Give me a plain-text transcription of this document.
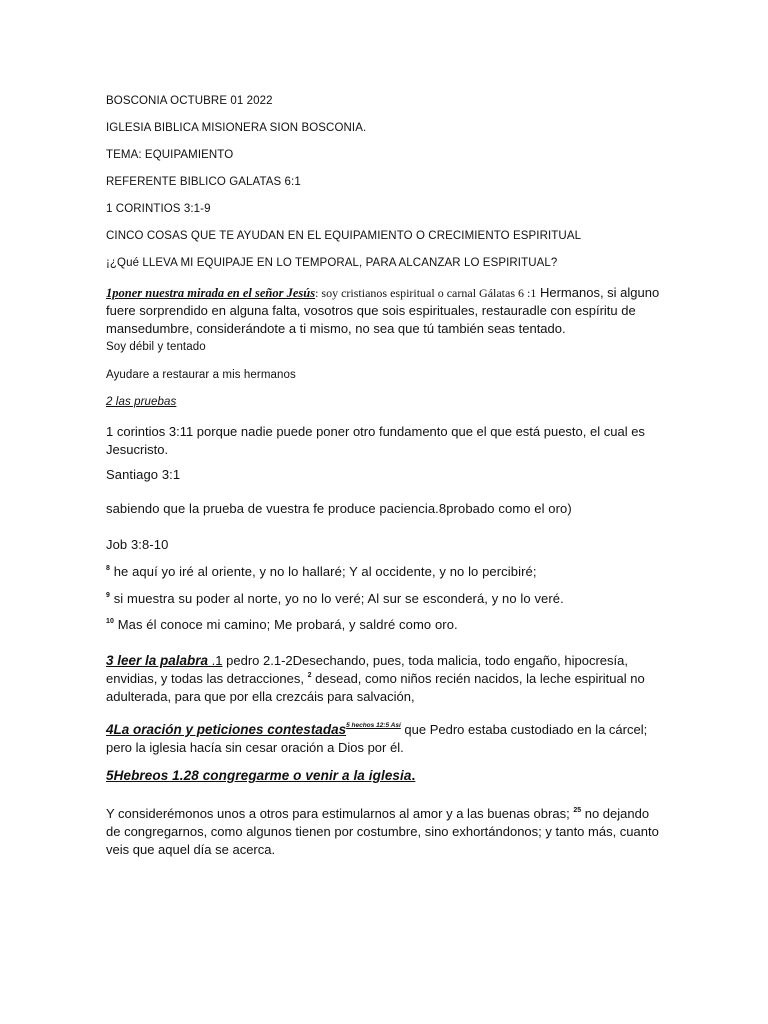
BOSCONIA OCTUBRE 01 2022

IGLESIA BIBLICA MISIONERA SION BOSCONIA.

TEMA: EQUIPAMIENTO

REFERENTE BIBLICO GALATAS 6:1

1 CORINTIOS 3:1-9

CINCO COSAS QUE TE AYUDAN EN EL EQUIPAMIENTO O CRECIMIENTO ESPIRITUAL

¡¿Qué LLEVA MI EQUIPAJE EN LO TEMPORAL, PARA ALCANZAR LO ESPIRITUAL?

1poner nuestra mirada en el señor Jesús: soy cristianos espiritual o carnal Gálatas 6 :1 Hermanos, si alguno fuere sorprendido en alguna falta, vosotros que sois espirituales, restauradle con espíritu de mansedumbre, considerándote a ti mismo, no sea que tú también seas tentado.

Soy débil y tentado

Ayudare a restaurar a mis hermanos

2 las pruebas

1 corintios 3:11 porque nadie puede poner otro fundamento que el que está puesto, el cual es Jesucristo.

Santiago 3:1

sabiendo que la prueba de vuestra fe produce paciencia.8probado como el oro)

Job 3:8-10

$^8$ he aquí yo iré al oriente, y no lo hallaré; Y al occidente, y no lo percibiré;

$^9$ si muestra su poder al norte, yo no lo veré; Al sur se esconderá, y no lo veré.

$^{10}$ Mas él conoce mi camino; Me probará, y saldré como oro.

3 leer la palabra .1 pedro 2.1-2Desechando, pues, toda malicia, todo engaño, hipocresía, envidias, y todas las detracciones, $^2$ desead, como niños recién nacidos, la leche espiritual no adulterada, para que por ella crezcáis para salvación,

4La oración y peticiones contestadas$^{5 hechos 12:5 Así}$ que Pedro estaba custodiado en la cárcel; pero la iglesia hacía sin cesar oración a Dios por él.

5Hebreos 1.28 congregarme o venir a la iglesia.

Y considerémonos unos a otros para estimularnos al amor y a las buenas obras; $^{25}$ no dejando de congregarnos, como algunos tienen por costumbre, sino exhortándonos; y tanto más, cuanto veis que aquel día se acerca.
